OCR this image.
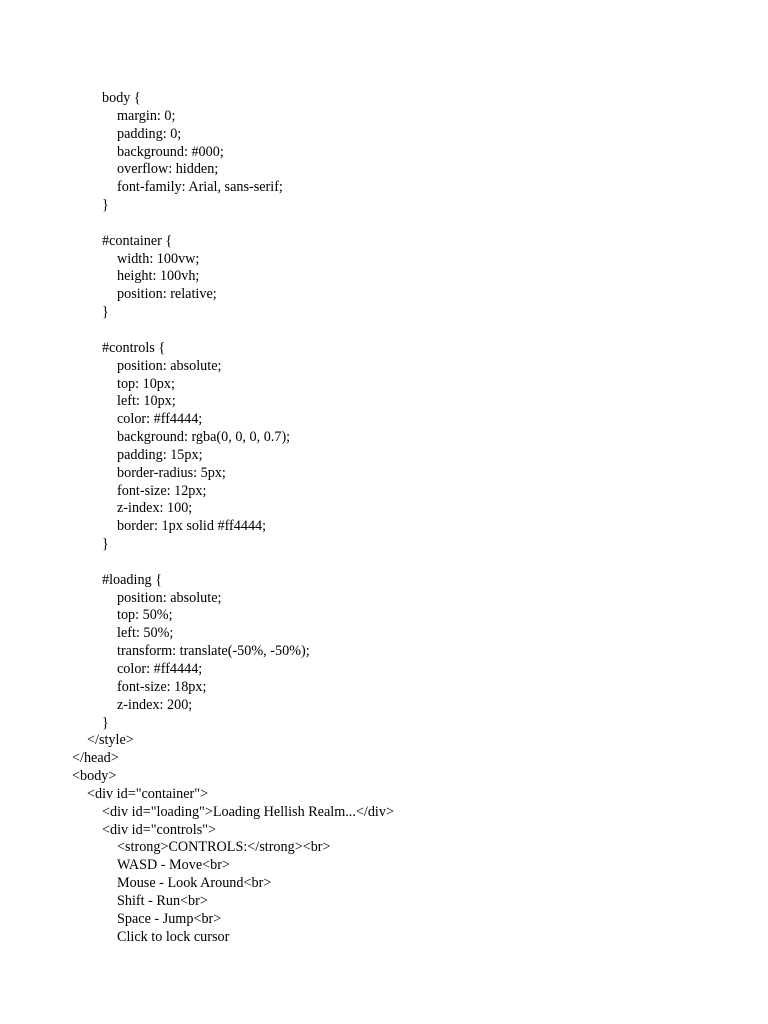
body {
margin: 0;
padding: 0;
background: #000;
overflow: hidden;
font-family: Arial, sans-serif;
}
#container {
width: 100vw;
height: 100vh;
position: relative;
}
#controls {
position: absolute;
top: 10px;
left: 10px;
color: #ff4444;
background: rgba(0, 0, 0, 0.7);
padding: 15px;
border-radius: 5px;
font-size: 12px;
z-index: 100;
border: 1px solid #ff4444;
}
#loading {
position: absolute;
top: 50%;
left: 50%;
transform: translate(-50%, -50%);
color: #ff4444;
font-size: 18px;
z-index: 200;
}
</style>
</head>
<body>
<div id="container">
<div id="loading">Loading Hellish Realm...</div>
<div id="controls">
<strong>CONTROLS:</strong><br>
WASD - Move<br>
Mouse - Look Around<br>
Shift - Run<br>
Space - Jump<br>
Click to lock cursor
